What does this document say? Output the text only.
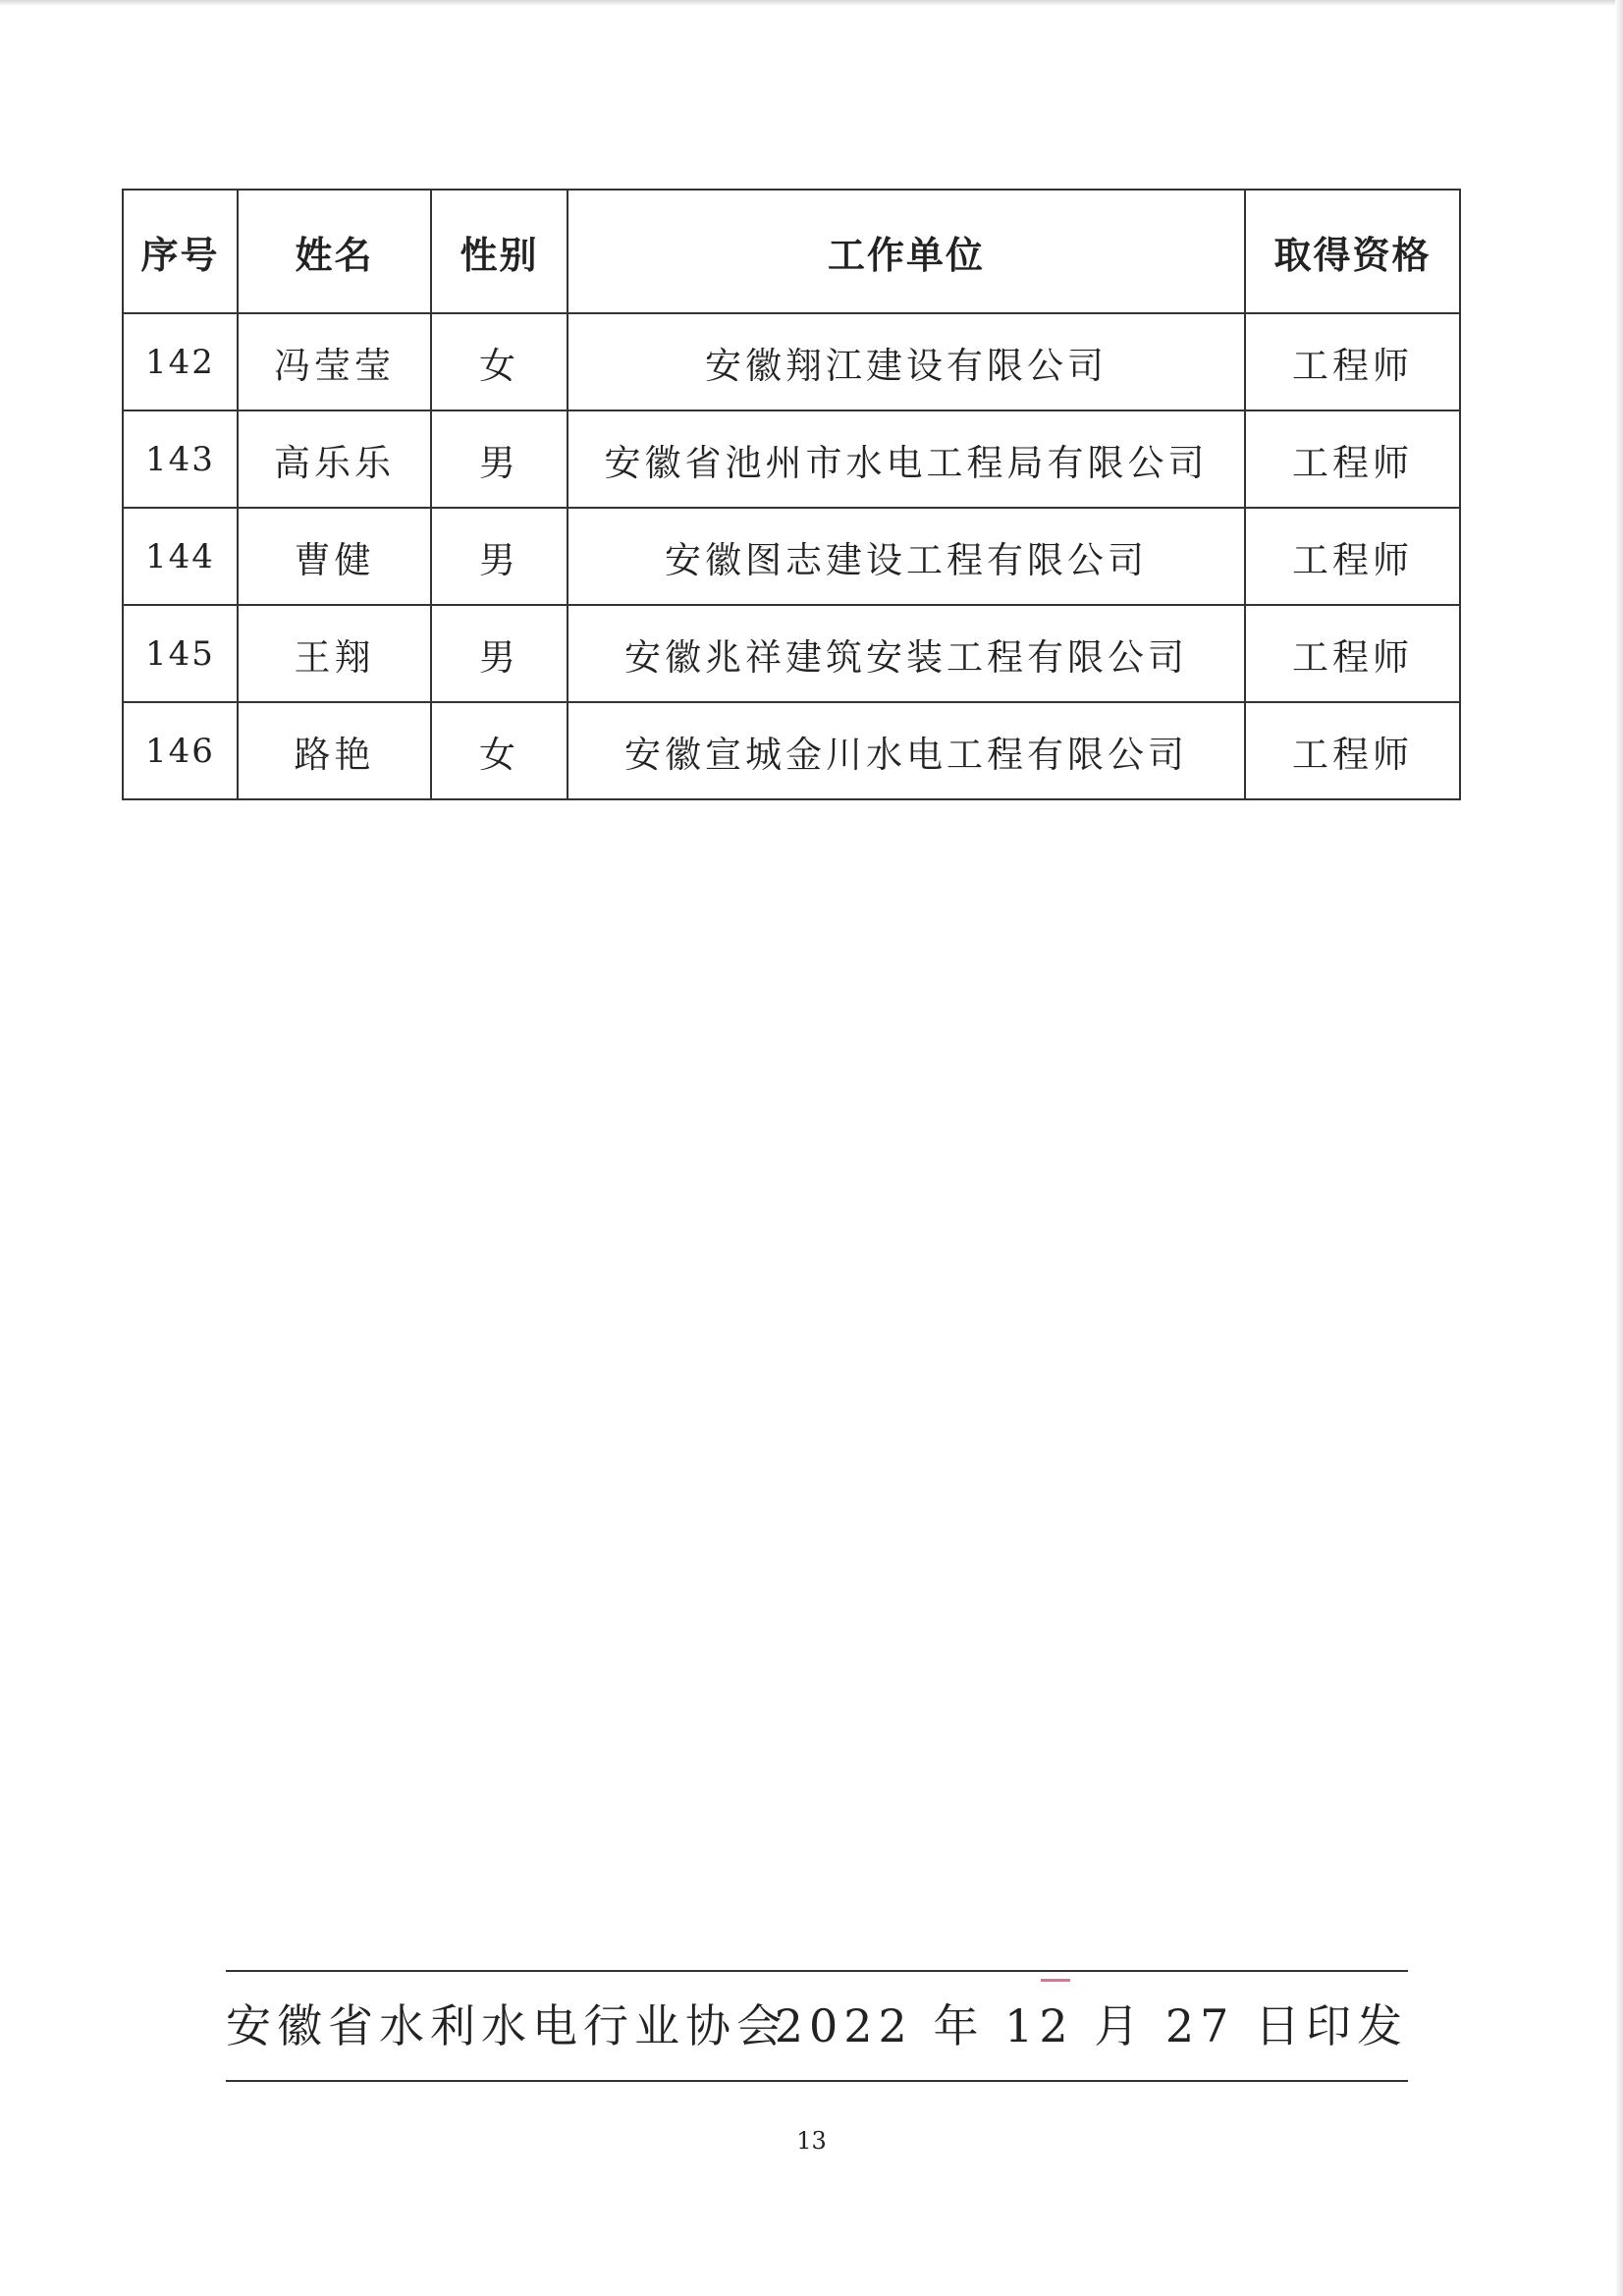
序号	姓名	性别	工作单位	取得资格
142	冯莹莹	女	安徽翔江建设有限公司	工程师
143	高乐乐	男	安徽省池州市水电工程局有限公司	工程师
144	曹健	男	安徽图志建设工程有限公司	工程师
145	王翔	男	安徽兆祥建筑安装工程有限公司	工程师
146	路艳	女	安徽宣城金川水电工程有限公司	工程师
安徽省水利水电行业协会
2022 年 12 月 27 日印发
13
